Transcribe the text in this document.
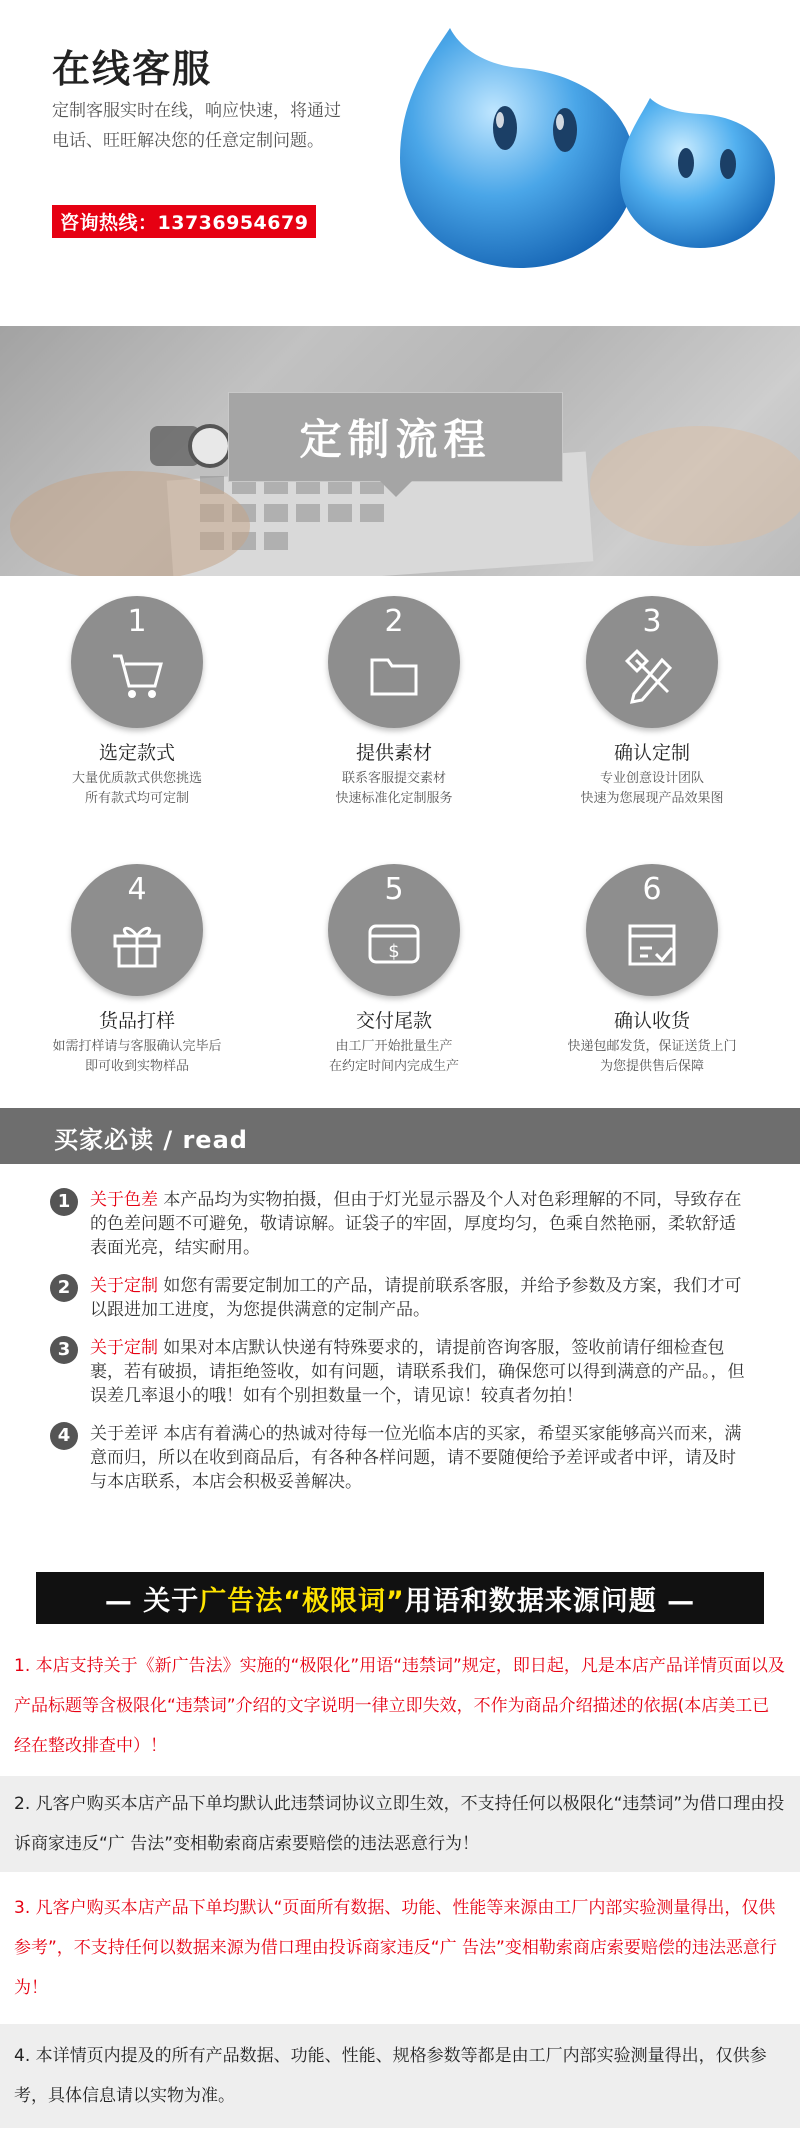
在线客服
定制客服实时在线，响应快速，将通过电话、旺旺解决您的任意定制问题。
咨询热线：13736954679
定制流程
1
选定款式
大量优质款式供您挑选
所有款式均可定制
2
提供素材
联系客服提交素材
快速标准化定制服务
3
确认定制
专业创意设计团队
快速为您展现产品效果图
4
货品打样
如需打样请与客服确认完毕后
即可收到实物样品
5
$
交付尾款
由工厂开始批量生产
在约定时间内完成生产
6
确认收货
快递包邮发货，保证送货上门
为您提供售后保障
买家必读 / read
1	关于色差 本产品均为实物拍摄，但由于灯光显示器及个人对色彩理解的不同，导致存在的色差问题不可避免，敬请谅解。证袋子的牢固，厚度均匀，色乘自然艳丽，柔软舒适表面光亮，结实耐用。
2	关于定制 如您有需要定制加工的产品，请提前联系客服，并给予参数及方案，我们才可以跟进加工进度，为您提供满意的定制产品。
3	关于定制 如果对本店默认快递有特殊要求的，请提前咨询客服，签收前请仔细检查包裹，若有破损，请拒绝签收，如有问题，请联系我们，确保您可以得到满意的产品。，但误差几率退小的哦！如有个别担数量一个，请见谅！较真者勿拍！
4	关于差评 本店有着满心的热诚对待每一位光临本店的买家，希望买家能够高兴而来，满意而归，所以在收到商品后，有各种各样问题，请不要随便给予差评或者中评，请及时与本店联系，本店会积极妥善解决。
— 关于 广告法“极限词” 用语和数据来源问题 —
1. 本店支持关于《新广告法》实施的“极限化”用语“违禁词”规定，即日起，凡是本店产品详情页面以及产品标题等含极限化“违禁词”介绍的文字说明一律立即失效，不作为商品介绍描述的依据(本店美工已经在整改排查中）！
2. 凡客户购买本店产品下单均默认此违禁词协议立即生效，不支持任何以极限化“违禁词”为借口理由投诉商家违反“广 告法”变相勒索商店索要赔偿的违法恶意行为！
3. 凡客户购买本店产品下单均默认“页面所有数据、功能、性能等来源由工厂内部实验测量得出，仅供参考”，不支持任何以数据来源为借口理由投诉商家违反“广 告法”变相勒索商店索要赔偿的违法恶意行为！
4. 本详情页内提及的所有产品数据、功能、性能、规格参数等都是由工厂内部实验测量得出，仅供参考，具体信息请以实物为准。
